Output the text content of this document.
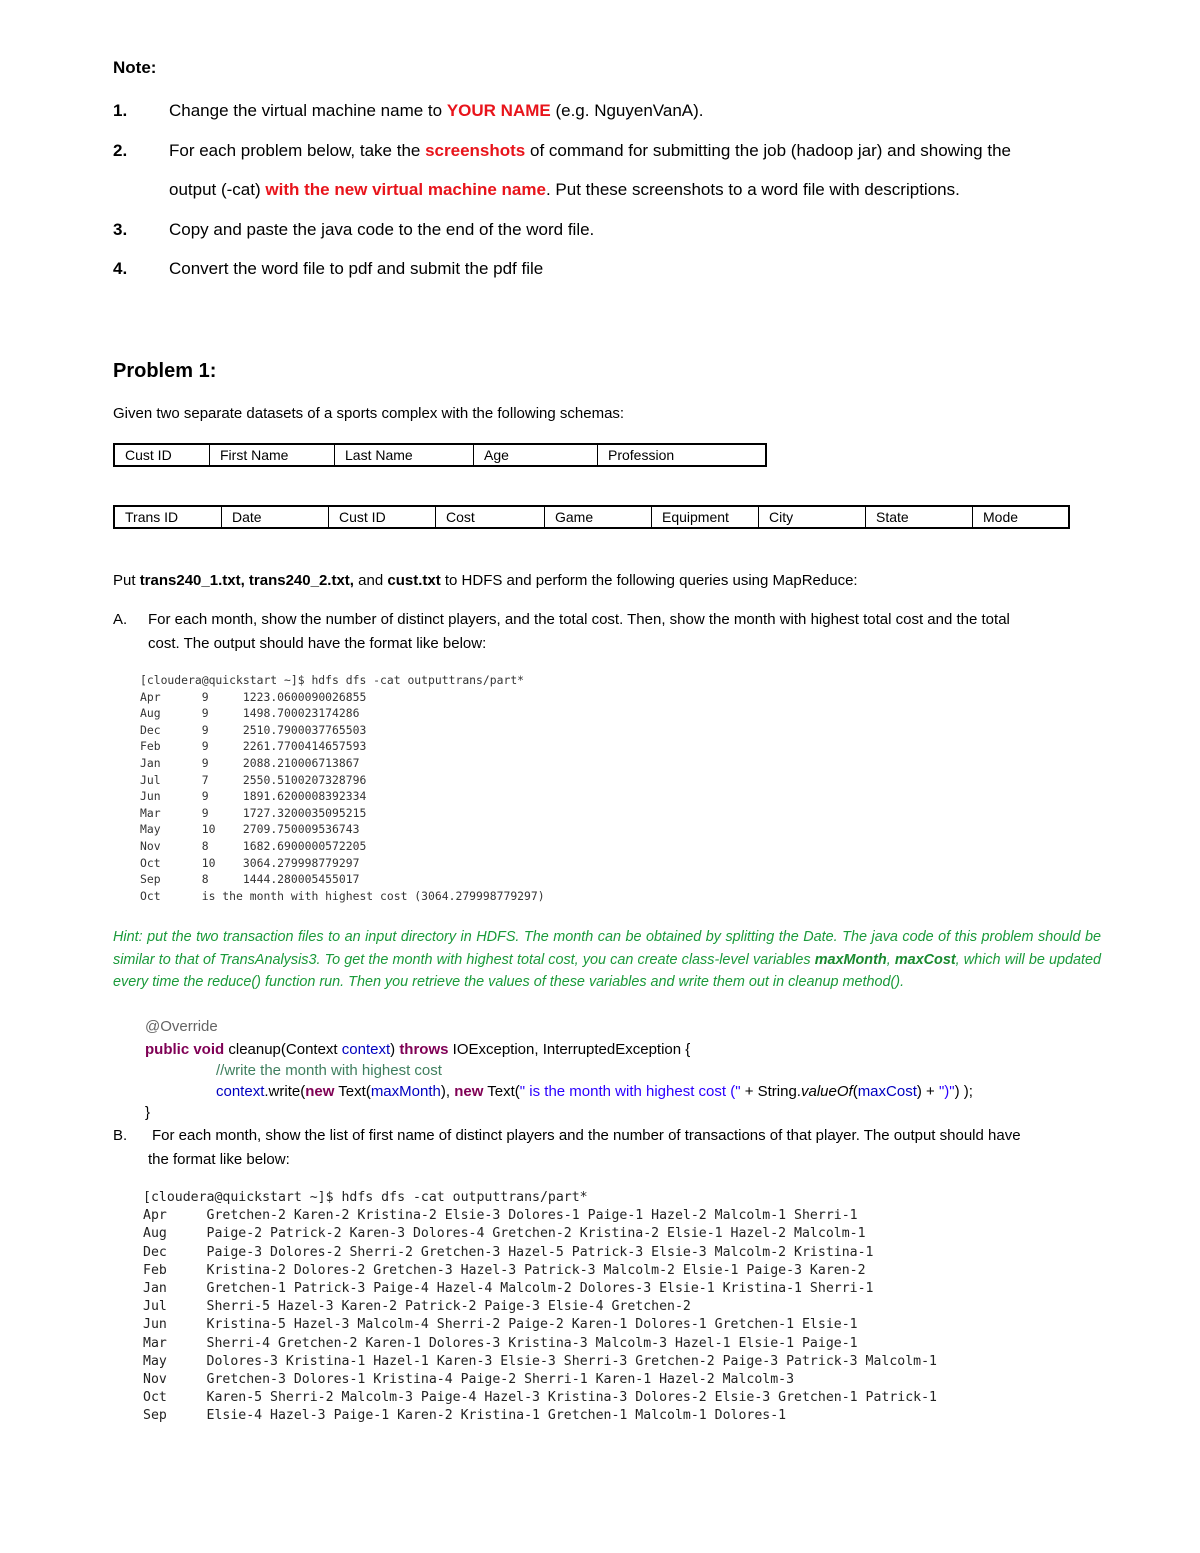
Note:
1. Change the virtual machine name to YOUR NAME (e.g. NguyenVanA).
2. For each problem below, take the screenshots of command for submitting the job (hadoop jar) and showing the
output (-cat) with the new virtual machine name. Put these screenshots to a word file with descriptions.
3. Copy and paste the java code to the end of the word file.
4. Convert the word file to pdf and submit the pdf file
Problem 1:
Given two separate datasets of a sports complex with the following schemas:
Cust ID	First Name	Last Name	Age	Profession
Trans ID	Date	Cust ID	Cost	Game	Equipment	City	State	Mode
Put trans240_1.txt, trans240_2.txt, and cust.txt to HDFS and perform the following queries using MapReduce:
A. For each month, show the number of distinct players, and the total cost. Then, show the month with highest total cost and the total
cost. The output should have the format like below:
[cloudera@quickstart ~]$ hdfs dfs -cat outputtrans/part*
Apr	9	1223.0600090026855
Aug	9	1498.700023174286
Dec	9	2510.7900037765503
Feb	9	2261.7700414657593
Jan	9	2088.210006713867
Jul	7	2550.5100207328796
Jun	9	1891.6200008392334
Mar	9	1727.3200035095215
May	10 2709.750009536743
Nov	8	1682.6900000572205
Oct	10 3064.279998779297
Sep	8	1444.280005455017
Oct      is the month with highest cost (3064.279998779297)
Hint: put the two transaction files to an input directory in HDFS. The month can be obtained by splitting the Date. The java code of this problem should be similar to that of TransAnalysis3. To get the month with highest total cost, you can create class-level variables maxMonth, maxCost, which will be updated every time the reduce() function run. Then you retrieve the values of these variables and write them out in cleanup method().
@Override
public void cleanup(Context context) throws IOException, InterruptedException {
//write the month with highest cost
context.write(new Text(maxMonth), new Text(" is the month with highest cost (" + String.valueOf(maxCost) + ")") );
}
B. For each month, show the list of first name of distinct players and the number of transactions of that player. The output should have
the format like below:
[cloudera@quickstart ~]$ hdfs dfs -cat outputtrans/part*
Apr	Gretchen-2 Karen-2 Kristina-2 Elsie-3 Dolores-1 Paige-1 Hazel-2 Malcolm-1 Sherri-1
Aug	Paige-2 Patrick-2 Karen-3 Dolores-4 Gretchen-2 Kristina-2 Elsie-1 Hazel-2 Malcolm-1
Dec	Paige-3 Dolores-2 Sherri-2 Gretchen-3 Hazel-5 Patrick-3 Elsie-3 Malcolm-2 Kristina-1
Feb	Kristina-2 Dolores-2 Gretchen-3 Hazel-3 Patrick-3 Malcolm-2 Elsie-1 Paige-3 Karen-2
Jan	Gretchen-1 Patrick-3 Paige-4 Hazel-4 Malcolm-2 Dolores-3 Elsie-1 Kristina-1 Sherri-1
Jul	Sherri-5 Hazel-3 Karen-2 Patrick-2 Paige-3 Elsie-4 Gretchen-2
Jun	Kristina-5 Hazel-3 Malcolm-4 Sherri-2 Paige-2 Karen-1 Dolores-1 Gretchen-1 Elsie-1
Mar	Sherri-4 Gretchen-2 Karen-1 Dolores-3 Kristina-3 Malcolm-3 Hazel-1 Elsie-1 Paige-1
May	Dolores-3 Kristina-1 Hazel-1 Karen-3 Elsie-3 Sherri-3 Gretchen-2 Paige-3 Patrick-3 Malcolm-1
Nov	Gretchen-3 Dolores-1 Kristina-4 Paige-2 Sherri-1 Karen-1 Hazel-2 Malcolm-3
Oct	Karen-5 Sherri-2 Malcolm-3 Paige-4 Hazel-3 Kristina-3 Dolores-2 Elsie-3 Gretchen-1 Patrick-1
Sep	Elsie-4 Hazel-3 Paige-1 Karen-2 Kristina-1 Gretchen-1 Malcolm-1 Dolores-1
